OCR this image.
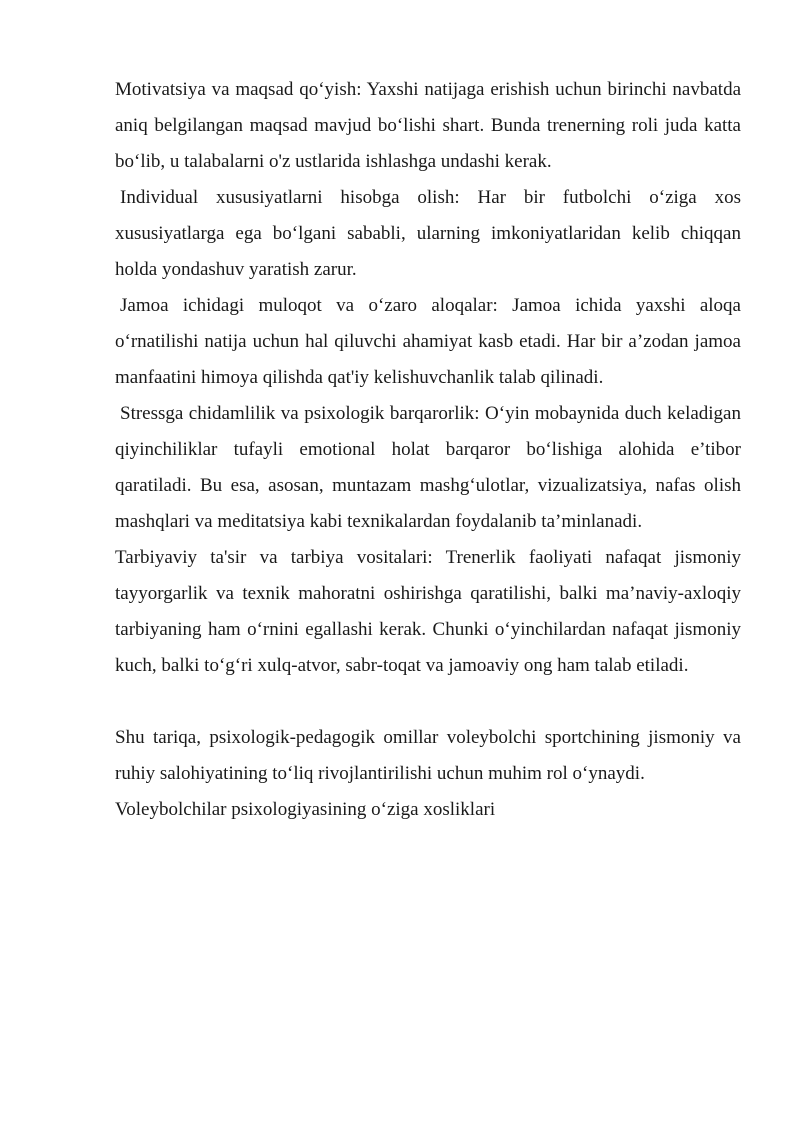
Motivatsiya va maqsad qo‘yish: Yaxshi natijaga erishish uchun birinchi navbatda aniq belgilangan maqsad mavjud bo‘lishi shart. Bunda trenerning roli juda katta bo‘lib, u talabalarni o'z ustlarida ishlashga undashi kerak.

Individual xususiyatlarni hisobga olish: Har bir futbolchi o‘ziga xos xususiyatlarga ega bo‘lgani sababli, ularning imkoniyatlaridan kelib chiqqan holda yondashuv yaratish zarur.

Jamoa ichidagi muloqot va o‘zaro aloqalar: Jamoa ichida yaxshi aloqa o‘rnatilishi natija uchun hal qiluvchi ahamiyat kasb etadi. Har bir a’zodan jamoa manfaatini himoya qilishda qat'iy kelishuvchanlik talab qilinadi.

Stressga chidamlilik va psixologik barqarorlik: O‘yin mobaynida duch keladigan qiyinchiliklar tufayli emotional holat barqaror bo‘lishiga alohida e’tibor qaratiladi. Bu esa, asosan, muntazam mashg‘ulotlar, vizualizatsiya, nafas olish mashqlari va meditatsiya kabi texnikalardan foydalanib ta’minlanadi.

Tarbiyaviy ta'sir va tarbiya vositalari: Trenerlik faoliyati nafaqat jismoniy tayyorgarlik va texnik mahoratni oshirishga qaratilishi, balki ma’naviy-axloqiy tarbiyaning ham o‘rnini egallashi kerak. Chunki o‘yinchilardan nafaqat jismoniy kuch, balki to‘g‘ri xulq-atvor, sabr-toqat va jamoaviy ong ham talab etiladi.

Shu tariqa, psixologik-pedagogik omillar voleybolchi sportchining jismoniy va ruhiy salohiyatining to‘liq rivojlantirilishi uchun muhim rol o‘ynaydi.

Voleybolchilar psixologiyasining o‘ziga xosliklari
